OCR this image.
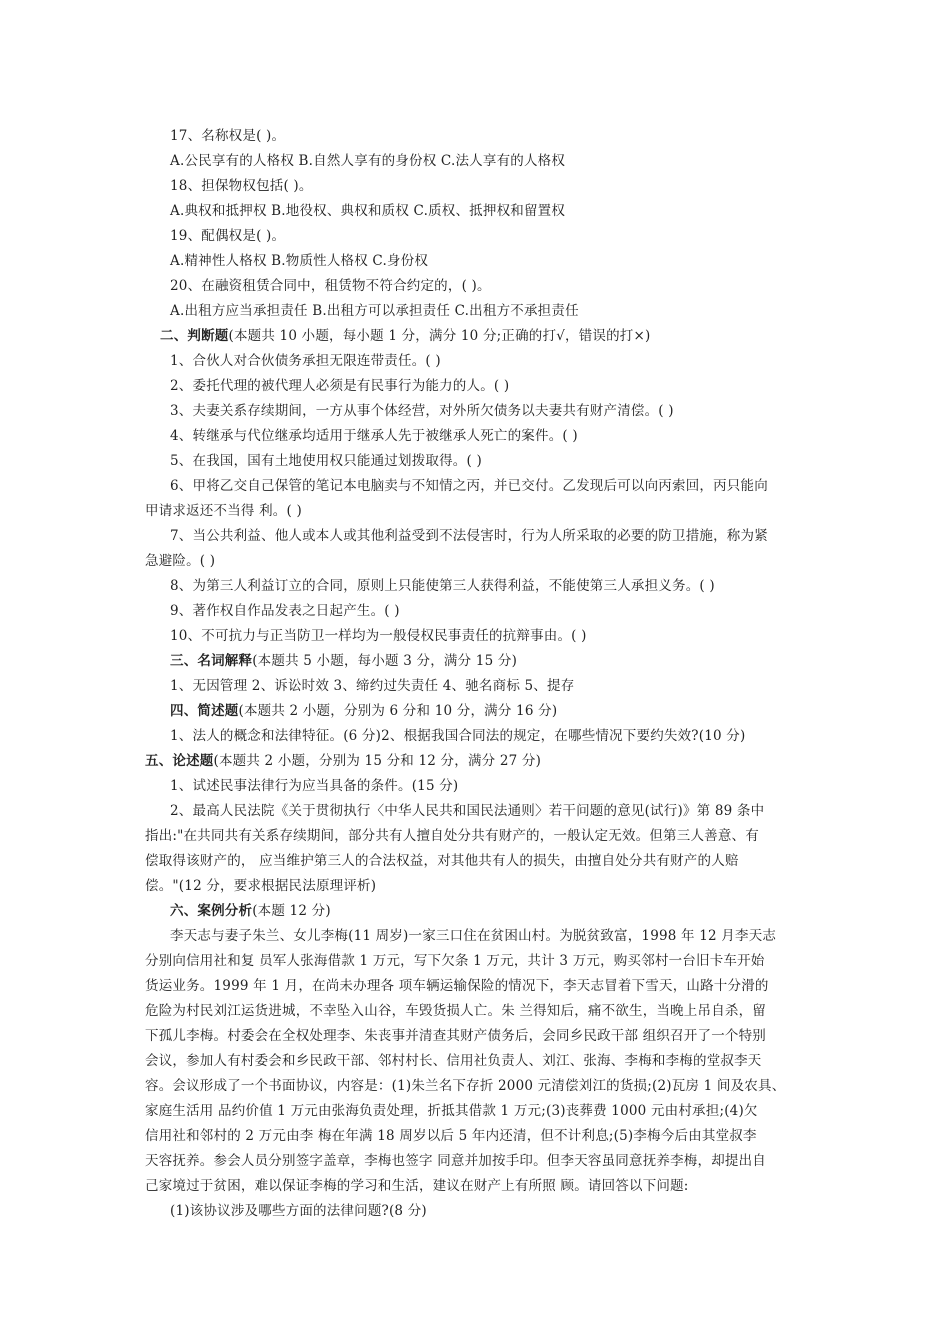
17、名称权是( )。
A.公民享有的人格权 B.自然人享有的身份权 C.法人享有的人格权
18、担保物权包括( )。
A.典权和抵押权 B.地役权、典权和质权 C.质权、抵押权和留置权
19、配偶权是( )。
A.精神性人格权 B.物质性人格权 C.身份权
20、在融资租赁合同中，租赁物不符合约定的，( )。
A.出租方应当承担责任 B.出租方可以承担责任 C.出租方不承担责任
二、判断题(本题共 10 小题，每小题 1 分，满分 10 分;正确的打√，错误的打×)
1、合伙人对合伙债务承担无限连带责任。( )
2、委托代理的被代理人必须是有民事行为能力的人。( )
3、夫妻关系存续期间，一方从事个体经营，对外所欠债务以夫妻共有财产清偿。( )
4、转继承与代位继承均适用于继承人先于被继承人死亡的案件。( )
5、在我国，国有土地使用权只能通过划拨取得。( )
6、甲将乙交自己保管的笔记本电脑卖与不知情之丙，并已交付。乙发现后可以向丙索回，丙只能向
甲请求返还不当得 利。( )
7、当公共利益、他人或本人或其他利益受到不法侵害时，行为人所采取的必要的防卫措施，称为紧
急避险。( )
8、为第三人利益订立的合同，原则上只能使第三人获得利益，不能使第三人承担义务。( )
9、著作权自作品发表之日起产生。( )
10、不可抗力与正当防卫一样均为一般侵权民事责任的抗辩事由。( )
三、名词解释(本题共 5 小题，每小题 3 分，满分 15 分)
1、无因管理 2、诉讼时效 3、缔约过失责任 4、驰名商标 5、提存
四、简述题(本题共 2 小题，分别为 6 分和 10 分，满分 16 分)
1、法人的概念和法律特征。(6 分)2、根据我国合同法的规定，在哪些情况下要约失效?(10 分)
五、论述题(本题共 2 小题，分别为 15 分和 12 分，满分 27 分)
1、试述民事法律行为应当具备的条件。(15 分)
2、最高人民法院《关于贯彻执行〈中华人民共和国民法通则〉若干问题的意见(试行)》第 89 条中
指出:"在共同共有关系存续期间，部分共有人擅自处分共有财产的，一般认定无效。但第三人善意、有
偿取得该财产的， 应当维护第三人的合法权益，对其他共有人的损失，由擅自处分共有财产的人赔
偿。"(12 分，要求根据民法原理评析)
六、案例分析(本题 12 分)
李天志与妻子朱兰、女儿李梅(11 周岁)一家三口住在贫困山村。为脱贫致富，1998 年 12 月李天志
分别向信用社和复 员军人张海借款 1 万元，写下欠条 1 万元，共计 3 万元，购买邻村一台旧卡车开始
货运业务。1999 年 1 月，在尚未办理各 项车辆运输保险的情况下，李天志冒着下雪天，山路十分滑的
危险为村民刘江运货进城，不幸坠入山谷，车毁货损人亡。朱 兰得知后，痛不欲生，当晚上吊自杀，留
下孤儿李梅。村委会在全权处理李、朱丧事并清查其财产债务后，会同乡民政干部 组织召开了一个特别
会议，参加人有村委会和乡民政干部、邻村村长、信用社负责人、刘江、张海、李梅和李梅的堂叔李天
容。会议形成了一个书面协议，内容是：(1)朱兰名下存折 2000 元清偿刘江的货损;(2)瓦房 1 间及农具、
家庭生活用 品约价值 1 万元由张海负责处理，折抵其借款 1 万元;(3)丧葬费 1000 元由村承担;(4)欠
信用社和邻村的 2 万元由李 梅在年满 18 周岁以后 5 年内还清，但不计利息;(5)李梅今后由其堂叔李
天容抚养。参会人员分别签字盖章，李梅也签字 同意并加按手印。但李天容虽同意抚养李梅，却提出自
己家境过于贫困，难以保证李梅的学习和生活，建议在财产上有所照 顾。请回答以下问题:
(1)该协议涉及哪些方面的法律问题?(8 分)
